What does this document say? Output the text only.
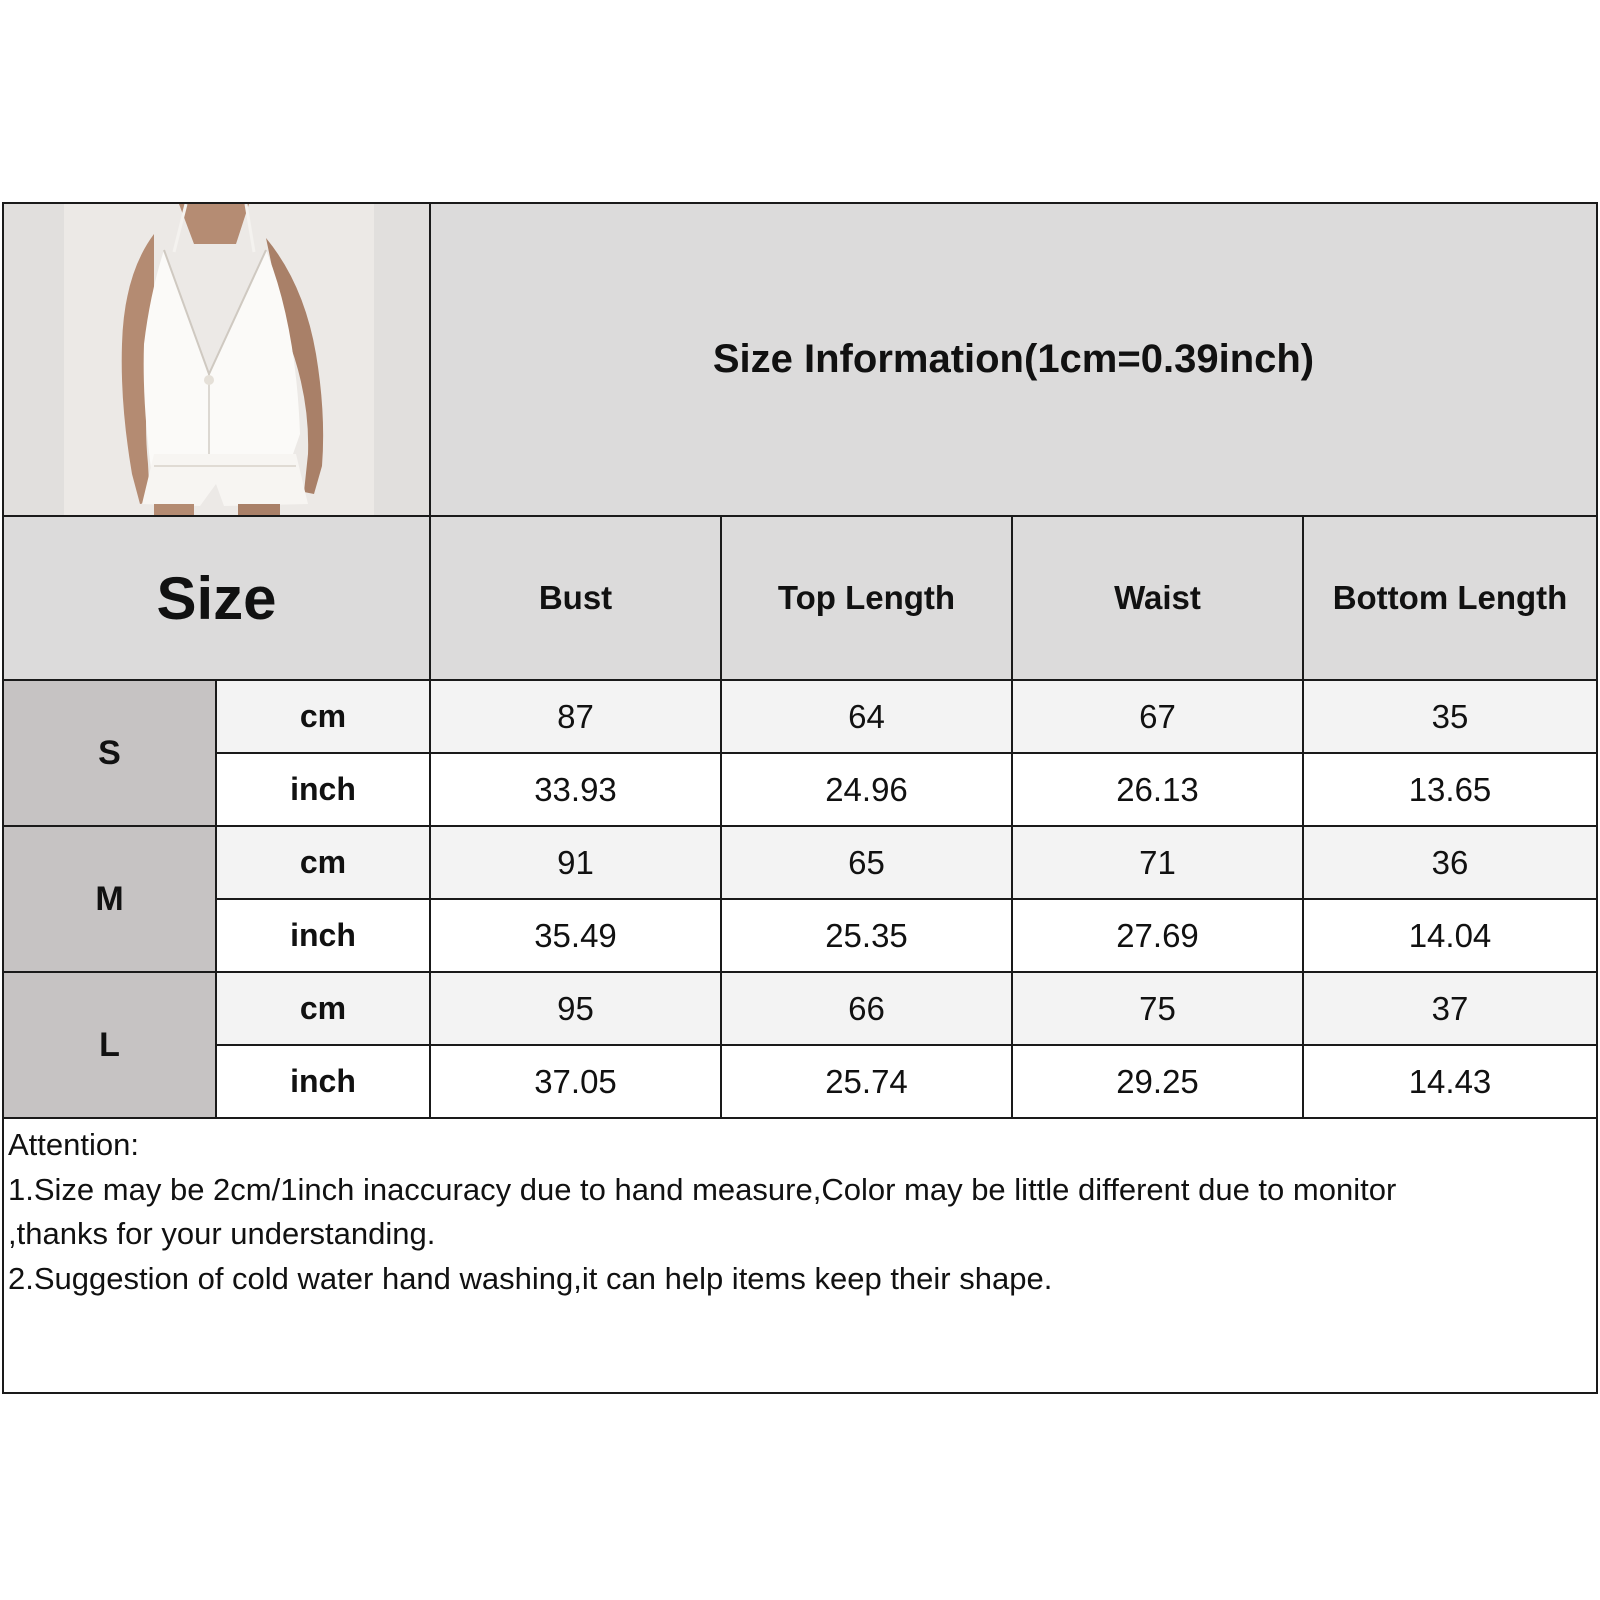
Size Information(1cm=0.39inch)
Size	Bust	Top Length	Waist	Bottom Length
S
cm	87	64	67	35
inch	33.93	24.96	26.13	13.65
M
cm	91	65	71	36
inch	35.49	25.35	27.69	14.04
L
cm	95	66	75	37
inch	37.05	25.74	29.25	14.43
Attention:
1.Size may be 2cm/1inch inaccuracy due to hand measure,Color may be little different due to monitor
,thanks for your understanding.
2.Suggestion of cold water hand washing,it can help items keep their shape.
